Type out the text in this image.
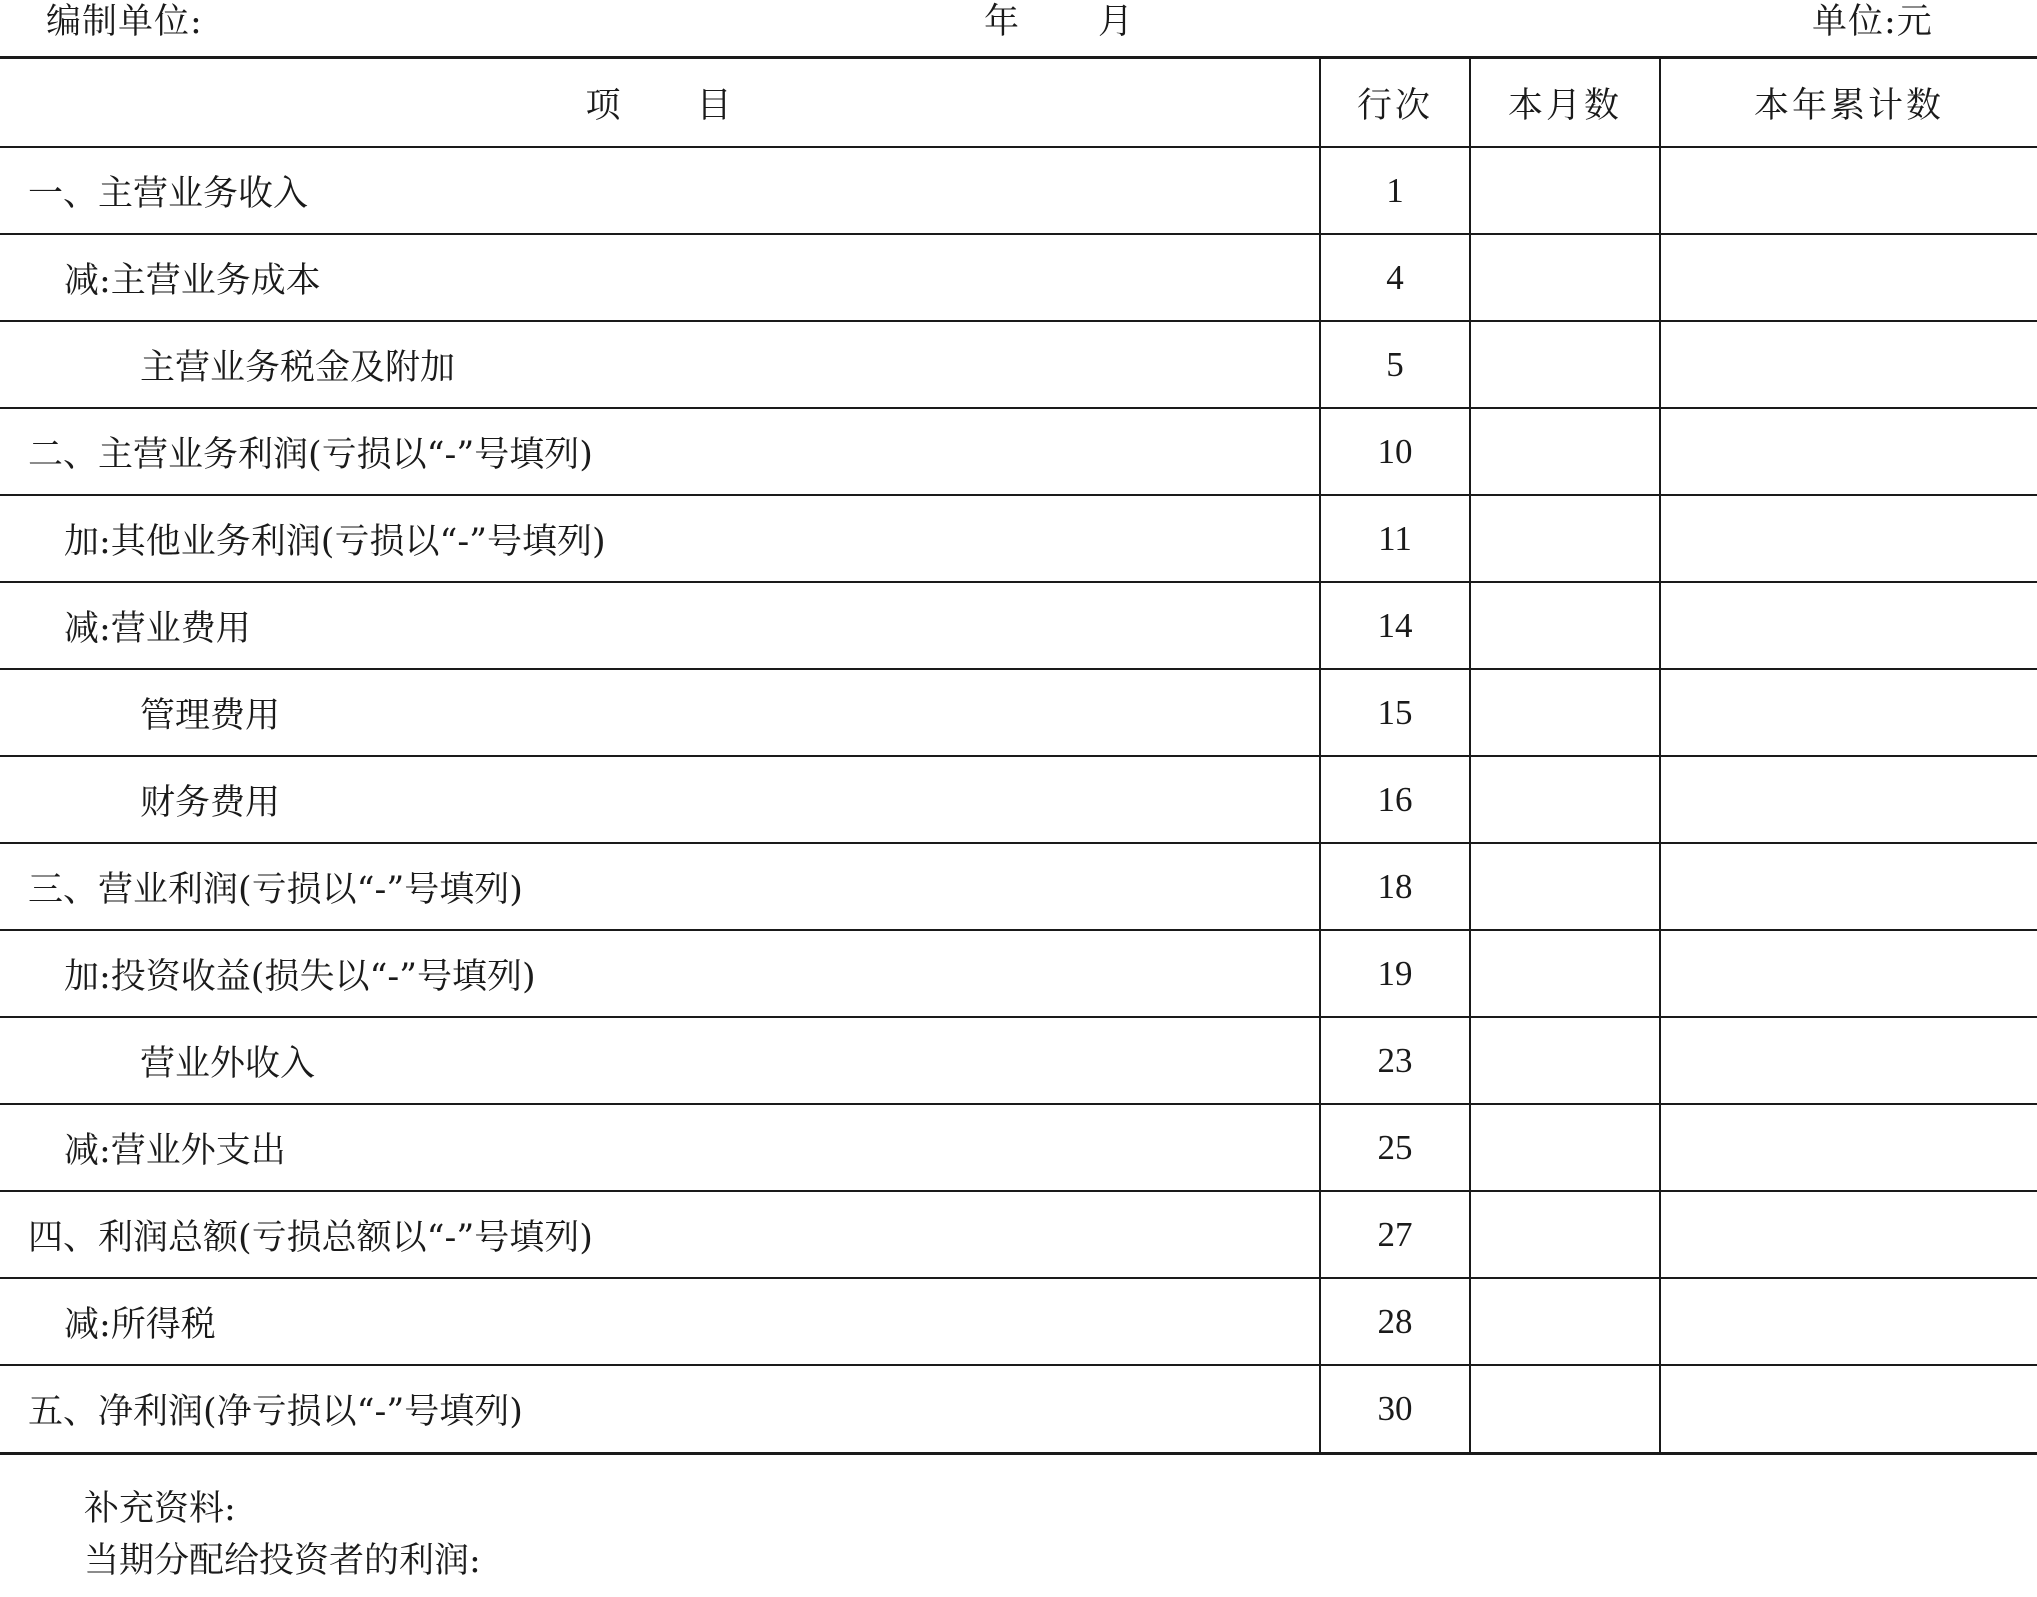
编制单位:	年 月	单位:元
项　　目	行次	本月数	本年累计数
一、主营业务收入	1		
减:主营业务成本	4		
主营业务税金及附加	5		
二、主营业务利润(亏损以“-”号填列)	10		
加:其他业务利润(亏损以“-”号填列)	11		
减:营业费用	14		
管理费用	15		
财务费用	16		
三、营业利润(亏损以“-”号填列)	18		
加:投资收益(损失以“-”号填列)	19		
营业外收入	23		
减:营业外支出	25		
四、利润总额(亏损总额以“-”号填列)	27		
减:所得税	28		
五、净利润(净亏损以“-”号填列)	30		
补充资料:
当期分配给投资者的利润:
